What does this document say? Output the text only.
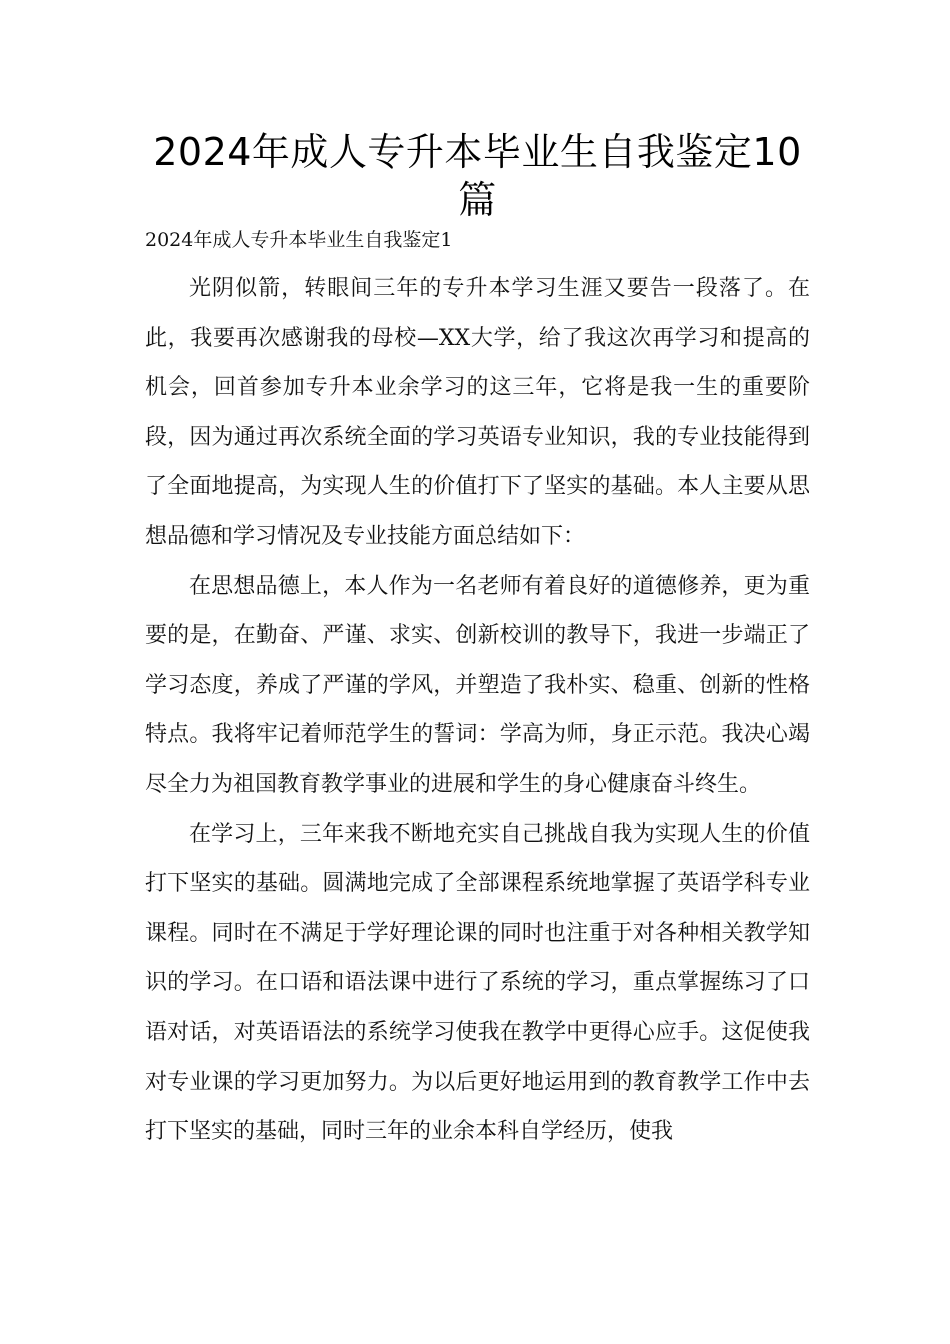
2024年成人专升本毕业生自我鉴定10篇
2024年成人专升本毕业生自我鉴定1

光阴似箭，转眼间三年的专升本学习生涯又要告一段落了。在此，我要再次感谢我的母校—XX大学，给了我这次再学习和提高的机会，回首参加专升本业余学习的这三年，它将是我一生的重要阶段，因为通过再次系统全面的学习英语专业知识，我的专业技能得到了全面地提高，为实现人生的价值打下了坚实的基础。本人主要从思想品德和学习情况及专业技能方面总结如下：

在思想品德上，本人作为一名老师有着良好的道德修养，更为重要的是，在勤奋、严谨、求实、创新校训的教导下，我进一步端正了学习态度，养成了严谨的学风，并塑造了我朴实、稳重、创新的性格特点。我将牢记着师范学生的誓词：学高为师，身正示范。我决心竭尽全力为祖国教育教学事业的进展和学生的身心健康奋斗终生。

在学习上，三年来我不断地充实自己挑战自我为实现人生的价值打下坚实的基础。圆满地完成了全部课程系统地掌握了英语学科专业课程。同时在不满足于学好理论课的同时也注重于对各种相关教学知识的学习。在口语和语法课中进行了系统的学习，重点掌握练习了口语对话，对英语语法的系统学习使我在教学中更得心应手。这促使我对专业课的学习更加努力。为以后更好地运用到的教育教学工作中去打下坚实的基础，同时三年的业余本科自学经历，使我
